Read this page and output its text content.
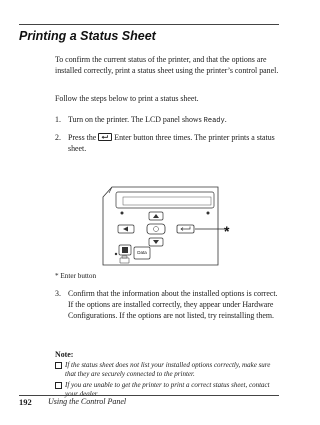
Printing a Status Sheet

To confirm the current status of the printer, and that the options are installed correctly, print a status sheet using the printer’s control panel.

Follow the steps below to print a status sheet.

1. Turn on the printer. The LCD panel shows Ready.
2. Press the
Enter button three times. The printer prints a status sheet.
*
Data
* Enter button
3. Confirm that the information about the installed options is correct. If the options are installed correctly, they appear under Hardware Configurations. If the options are not listed, try reinstalling them.
Note:
If the status sheet does not list your installed options correctly, make sure that they are securely connected to the printer.
If you are unable to get the printer to print a correct status sheet, contact
192 Using the Control Panel
